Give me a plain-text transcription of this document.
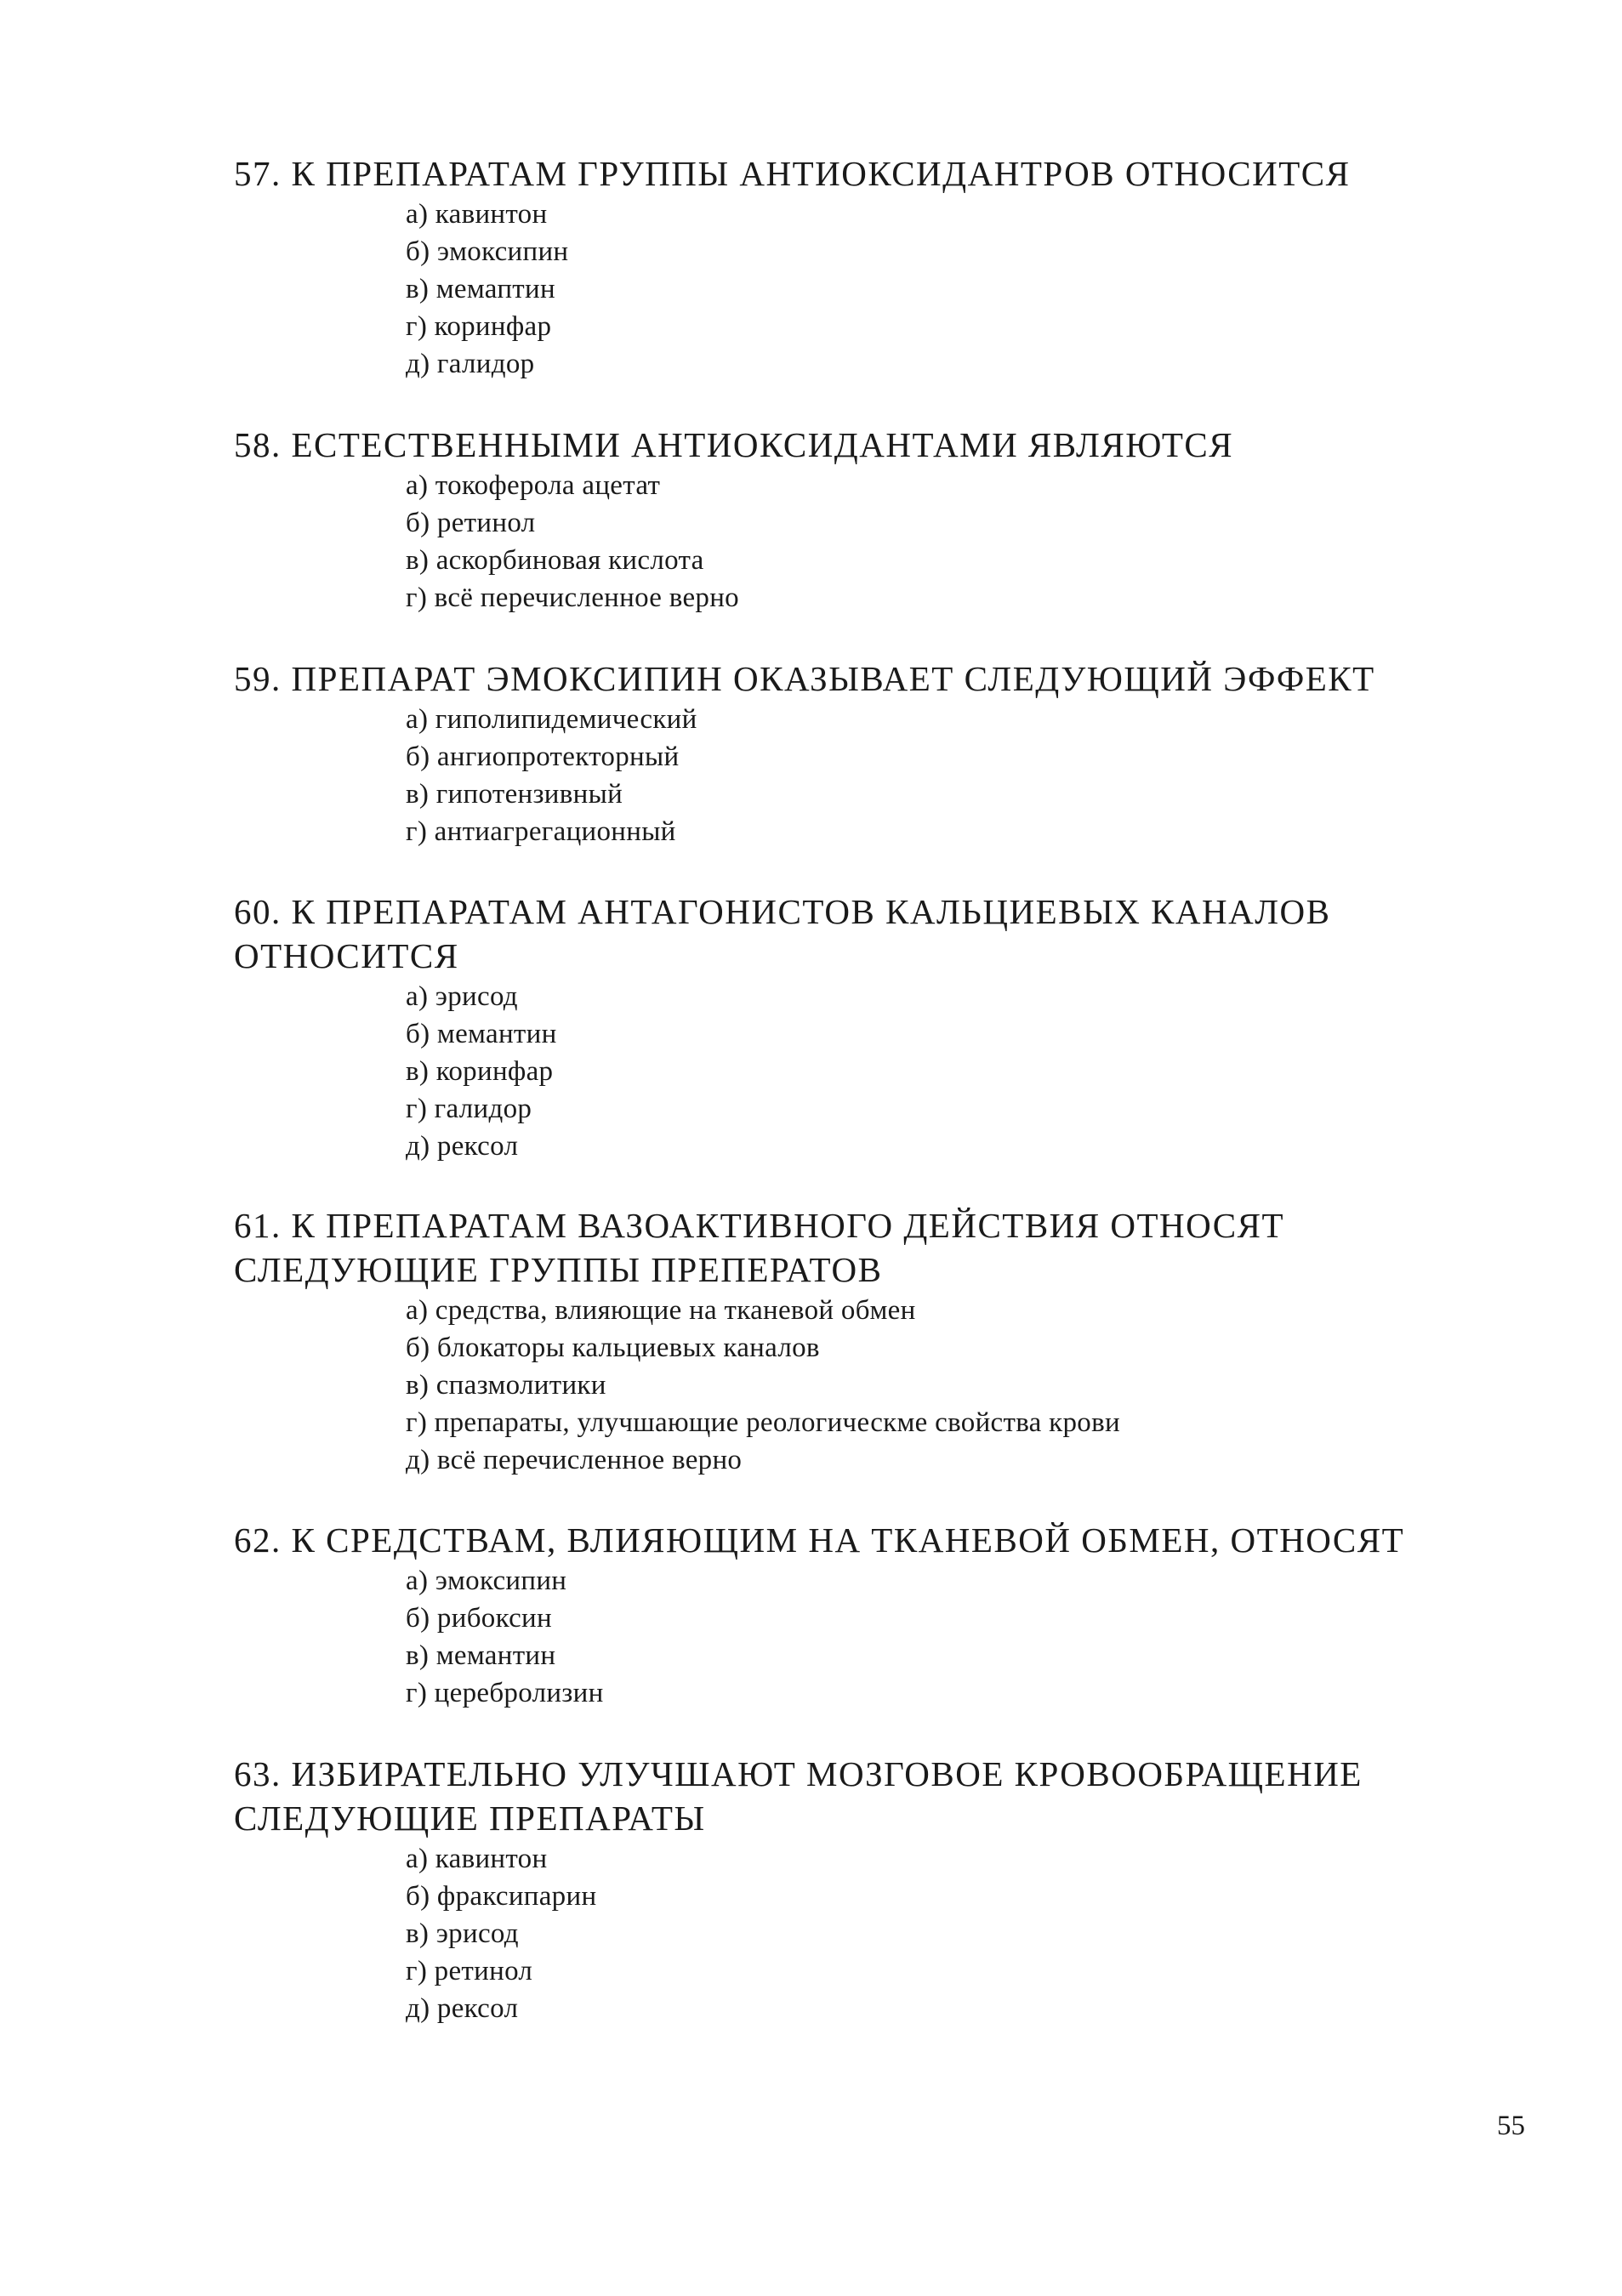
57. К ПРЕПАРАТАМ ГРУППЫ АНТИОКСИДАНТРОВ ОТНОСИТСЯ
а) кавинтон
б) эмоксипин
в) мемаптин
г) коринфар
д) галидор
58. ЕСТЕСТВЕННЫМИ АНТИОКСИДАНТАМИ ЯВЛЯЮТСЯ
а) токоферола ацетат
б) ретинол
в) аскорбиновая кислота
г) всё перечисленное верно
59. ПРЕПАРАТ ЭМОКСИПИН ОКАЗЫВАЕТ СЛЕДУЮЩИЙ ЭФФЕКТ
а) гиполипидемический
б) ангиопротекторный
в) гипотензивный
г) антиагрегационный
60. К ПРЕПАРАТАМ АНТАГОНИСТОВ КАЛЬЦИЕВЫХ КАНАЛОВ ОТНОСИТСЯ
а) эрисод
б) мемантин
в) коринфар
г) галидор
д) рексол
61. К ПРЕПАРАТАМ ВАЗОАКТИВНОГО ДЕЙСТВИЯ ОТНОСЯТ СЛЕДУЮЩИЕ ГРУППЫ ПРЕПЕРАТОВ
а) средства, влияющие на тканевой обмен
б) блокаторы кальциевых каналов
в) спазмолитики
г) препараты, улучшающие реологическме свойства крови
д) всё перечисленное верно
62. К СРЕДСТВАМ, ВЛИЯЮЩИМ НА ТКАНЕВОЙ ОБМЕН, ОТНОСЯТ
а) эмоксипин
б) рибоксин
в) мемантин
г) церебролизин
63. ИЗБИРАТЕЛЬНО УЛУЧШАЮТ МОЗГОВОЕ КРОВООБРАЩЕНИЕ СЛЕДУЮЩИЕ ПРЕПАРАТЫ
а) кавинтон
б) фраксипарин
в) эрисод
г) ретинол
д) рексол
55
